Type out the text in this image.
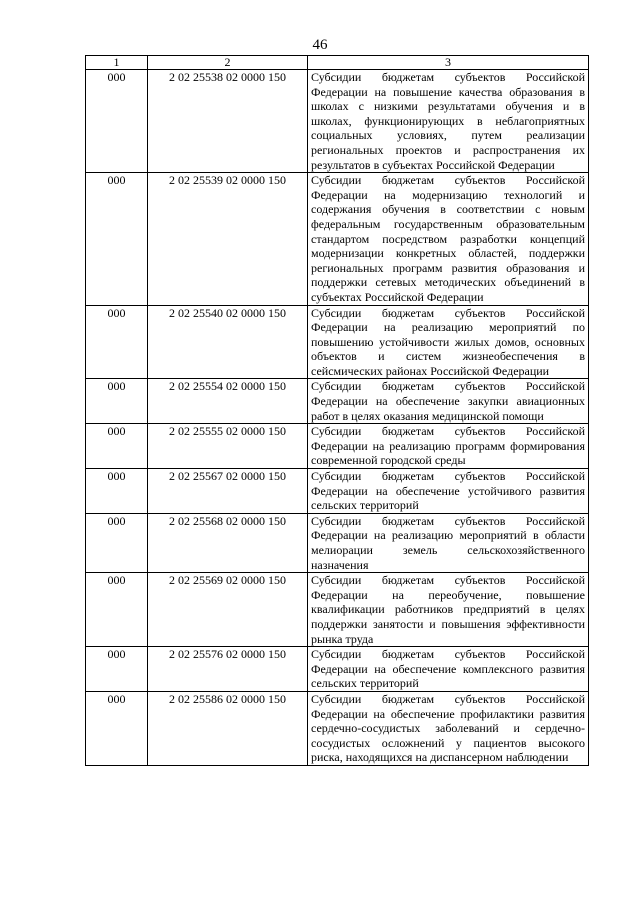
46
1	2	3
000	2 02 25538 02 0000 150	Субсидии бюджетам субъектов Российской Федерации на повышение качества образования в школах с низкими результатами обучения и в школах, функционирующих в неблагоприятных социальных условиях, путем реализации региональных проектов и распространения их результатов в субъектах Российской Федерации
000	2 02 25539 02 0000 150	Субсидии бюджетам субъектов Российской Федерации на модернизацию технологий и содержания обучения в соответствии с новым федеральным государственным образовательным стандартом посредством разработки концепций модернизации конкретных областей, поддержки региональных программ развития образования и поддержки сетевых методических объединений в субъектах Российской Федерации
000	2 02 25540 02 0000 150	Субсидии бюджетам субъектов Российской Федерации на реализацию мероприятий по повышению устойчивости жилых домов, основных объектов и систем жизнеобеспечения в сейсмических районах Российской Федерации
000	2 02 25554 02 0000 150	Субсидии бюджетам субъектов Российской Федерации на обеспечение закупки авиационных работ в целях оказания медицинской помощи
000	2 02 25555 02 0000 150	Субсидии бюджетам субъектов Российской Федерации на реализацию программ формирования современной городской среды
000	2 02 25567 02 0000 150	Субсидии бюджетам субъектов Российской Федерации на обеспечение устойчивого развития сельских территорий
000	2 02 25568 02 0000 150	Субсидии бюджетам субъектов Российской Федерации на реализацию мероприятий в области мелиорации земель сельскохозяйственного назначения
000	2 02 25569 02 0000 150	Субсидии бюджетам субъектов Российской Федерации на переобучение, повышение квалификации работников предприятий в целях поддержки занятости и повышения эффективности рынка труда
000	2 02 25576 02 0000 150	Субсидии бюджетам субъектов Российской Федерации на обеспечение комплексного развития сельских территорий
000	2 02 25586 02 0000 150	Субсидии бюджетам субъектов Российской Федерации на обеспечение профилактики развития сердечно-сосудистых заболеваний и сердечно-сосудистых осложнений у пациентов высокого риска, находящихся на диспансерном наблюдении
